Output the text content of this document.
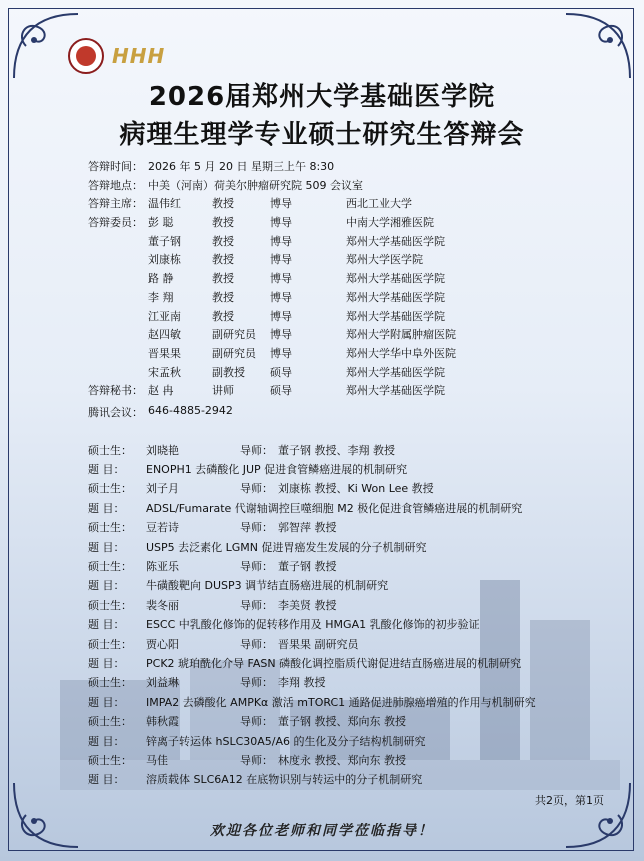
HHH
2026届郑州大学基础医学院
病理生理学专业硕士研究生答辩会
答辩时间： 2026 年 5 月 20 日 星期三上午 8:30
答辩地点： 中美（河南）荷美尔肿瘤研究院 509 会议室
答辩主席： 温伟红	教授	博导	西北工业大学
答辩委员： 彭 聪	教授	博导	中南大学湘雅医院
董子钢	教授	博导	郑州大学基础医学院
刘康栋	教授	博导	郑州大学医学院
路 静	教授	博导	郑州大学基础医学院
李 翔	教授	博导	郑州大学基础医学院
江亚南	教授	博导	郑州大学基础医学院
赵四敏	副研究员	博导	郑州大学附属肿瘤医院
晋果果	副研究员	博导	郑州大学华中阜外医院
宋孟秋	副教授	硕导	郑州大学基础医学院
答辩秘书： 赵 冉	讲师	硕导	郑州大学基础医学院
腾讯会议： 646-4885-2942
硕士生：	刘晓艳	导师： 董子钢 教授、李翔 教授
题 目：	ENOPH1 去磷酸化 JUP 促进食管鳞癌进展的机制研究
硕士生：	刘子月	导师： 刘康栋 教授、Ki Won Lee 教授
题 目：	ADSL/Fumarate 代谢轴调控巨噬细胞 M2 极化促进食管鳞癌进展的机制研究
硕士生：	豆若诗	导师： 郭智萍 教授
题 目：	USP5 去泛素化 LGMN 促进胃癌发生发展的分子机制研究
硕士生：	陈亚乐	导师： 董子钢 教授
题 目：	牛磺酸靶向 DUSP3 调节结直肠癌进展的机制研究
硕士生：	裴冬丽	导师： 李美贤 教授
题 目：	ESCC 中乳酸化修饰的促转移作用及 HMGA1 乳酸化修饰的初步验证
硕士生：	贾心阳	导师： 晋果果 副研究员
题 目：	PCK2 琥珀酰化介导 FASN 磷酸化调控脂质代谢促进结直肠癌进展的机制研究
硕士生：	刘益琳	导师： 李翔 教授
题 目：	IMPA2 去磷酸化 AMPKα 激活 mTORC1 通路促进肺腺癌增殖的作用与机制研究
硕士生：	韩秋霞	导师： 董子钢 教授、郑向东 教授
题 目：	锌离子转运体 hSLC30A5/A6 的生化及分子结构机制研究
硕士生：	马佳	导师： 林度永 教授、郑向东 教授
题 目：	溶质载体 SLC6A12 在底物识别与转运中的分子机制研究
共2页，第1页
欢迎各位老师和同学莅临指导！
